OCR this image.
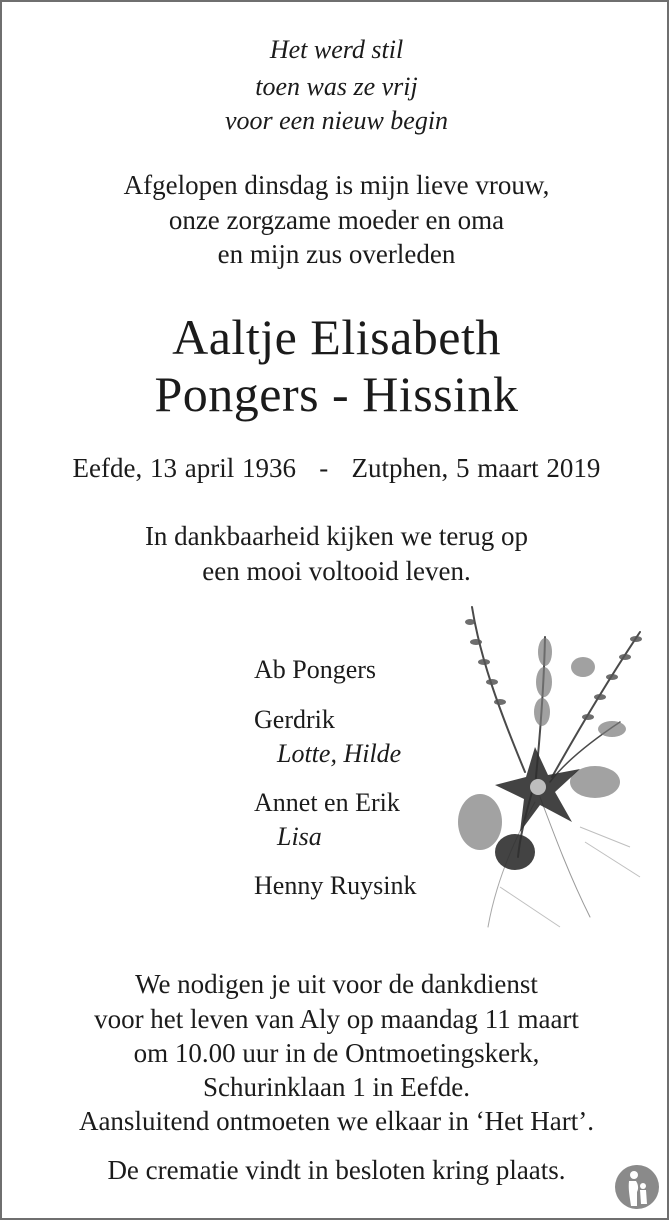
Het werd stil
toen was ze vrij
voor een nieuw begin
Afgelopen dinsdag is mijn lieve vrouw,
onze zorgzame moeder en oma
en mijn zus overleden
Aaltje Elisabeth
Pongers - Hissink
Eefde, 13 april 1936 - Zutphen, 5 maart 2019
In dankbaarheid kijken we terug op
een mooi voltooid leven.
Ab Pongers
Gerdrik
Lotte, Hilde
Annet en Erik
Lisa
Henny Ruysink
We nodigen je uit voor de dankdienst
voor het leven van Aly op maandag 11 maart
om 10.00 uur in de Ontmoetingskerk,
Schurinklaan 1 in Eefde.
Aansluitend ontmoeten we elkaar in ‘Het Hart’.
De crematie vindt in besloten kring plaats.
